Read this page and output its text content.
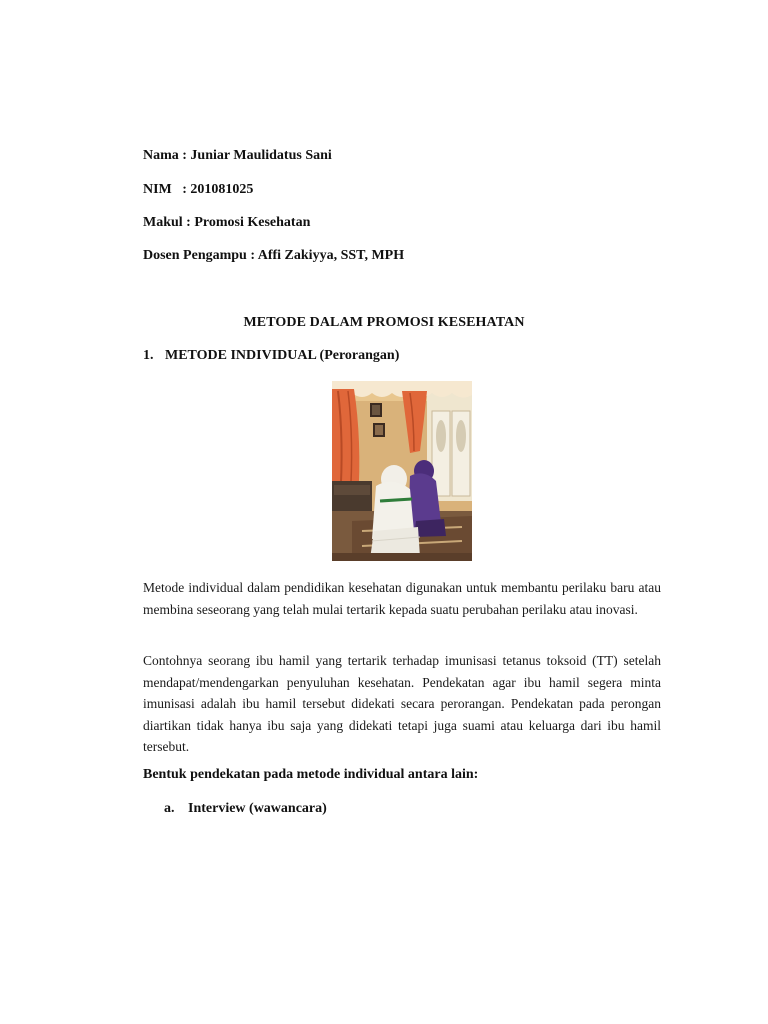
Nama : Juniar Maulidatus Sani
NIM   : 201081025
Makul : Promosi Kesehatan
Dosen Pengampu : Affi Zakiyya, SST, MPH
METODE DALAM PROMOSI KESEHATAN
1. METODE INDIVIDUAL (Perorangan)
Metode individual dalam pendidikan kesehatan digunakan untuk membantu perilaku baru atau membina seseorang yang telah mulai tertarik kepada suatu perubahan perilaku atau inovasi.
Contohnya seorang ibu hamil yang tertarik terhadap imunisasi tetanus toksoid (TT) setelah mendapat/mendengarkan penyuluhan kesehatan. Pendekatan agar ibu hamil segera minta imunisasi adalah ibu hamil tersebut didekati secara perorangan. Pendekatan pada perongan diartikan tidak hanya ibu saja yang didekati tetapi juga suami atau keluarga dari ibu hamil tersebut.
Bentuk pendekatan pada metode individual antara lain:
a. Interview (wawancara)
